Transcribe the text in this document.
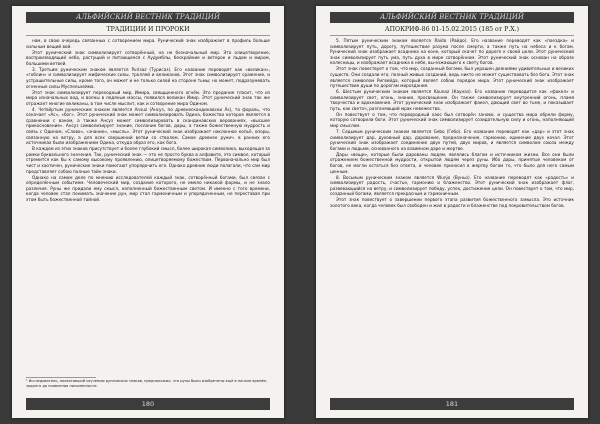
АЛЬФИЙСКИЙ ВЕСТНИК ТРАДИЦИЙ
ТРАДИЦИИ И ПРОРОКИ

нам, в свою очередь связанных с сотворением мира. Рунический знак изображает в профиль больше сильным вещий вой.

Этот рунический знак символизирует сотворённый, на не безначальный мир. Это олицетворение, воспроизводящий небо, растущий и питающееся с Аудумблы, бескрайние и ветерок и льдом и миром, большими ветвей.

3. Третьим руническим знаком является Purisaz (Турисаз). Его название переводят как «великан», «гоблин» и символизирует мифические силы, троллей и великанов. Этот знак символизирует сражение, и устрашительные силы, кроме того, он может и не только силой на стороне тьмы; но может, подразумевать огненные силы Муспельхейма.

Этот знак символизирует переходный мир, Имира, свящщенного огнём. Это предание гласит, что из мира изначальных вод, и волны в ледяные массы, появился великан Имир. Этот рунический знак так же отражает многие великаны, в том числе мыслит, как и сотворение мира Одином.

4. Четвёртым руническим знаком является Ansuz (Ансуз, по древнескандинавски Ás), та фораль, что означает «Ас», «бог». Этот рунический знак может символизировать Одина, божество которое является в сравнении с ваном, а также Ансуз может символизировать в скандинавских верованиях, «высшее прикосновение». Ансуз символизирует знание, послание богов, дары, а также божественную мудрость и связь с Одином, «Слово», «знание», «мысль». Этот рунический знак изображает наклонное копьё, опоры, связанную на ветру, а для всех свершений ветви со стволом. Самое древнее рунич. в ранних его источниках были изображением Одина, откуда образ его, как бога.

В каждом из этих знаков присутствует и более глубокий смысл, более широкая символика, выходящая за рамки буквального значения. Так, рунический знак — это не просто буква в алфавите, это символ, который стремится как бы к самому высокому проявлению, олицетворяемому божеством. Первоначально мир был чист и хаотичен, рунические знаки помогают упорядочить его. Однако древние люди полагали, что сам мир представляет собою полные тайн знаки.

Однако на самом деле по мнению исследователей каждый знак, сотворённый богами, был связан с определённым событием. Человеческий мир, создание которого, не имело никакой формы, и не знало различия. Руны же придали ему смысл, наполненный божественным светом. И именно с того времени, когда человек стал понимать значение рун, мир стал гармоничным и упорядоченным, не переставая при этом быть божественной тайной.

¹ Исследователь, посвятивший изучению рунических знаков, предположил, что руны были изобретены ещё в начале времён, задолго до появления письменности.
180
АЛЬФИЙСКИЙ ВЕСТНИК ТРАДИЦИЙ
АПОКРИФ-86 01-15.02.2015 (185 от Р.Х.)

5. Пятым руническим знаком является Raido (Райдо). Его название переводят как «поездка» и символизирует путь, дорогу, путешествие разума после смерти, а также путь на небеса и к богам. Рунический знак изображает всадника на коне, который скачет по дороге к своей цели. Этот рунический знак символизирует путь ума, путь духа в мире сотворённом. Этот рунический знак основан на образе колесницы, и изображает всадника в небе, вы-езжающего к свету богов.

Этот знак повествует о том, что мир, созданный богами, был украшен деяниями удивительных и великих существ. Они создали его, полный живых созданий, ведь никто не может существовать без бога. Этот знак является символом Ригвейда, который являет собою порядок мира. Этот рунический знак изображает путешествие души по дорогам мироздания.

6. Шестым руническим знаком является Kaunaz (Кауназ). Его название переводится как «факел» и символизирует свет, огонь, знание, просвещение. Он также символизирует внутренний огонь, пламя творчества и вдохновения. Этот рунический знак изображает факел, дающий свет во тьме, и показывает путь, как светоч, разгоняющий мрак невежества.

Он повествует о том, что первородный хаос был сотворён заново, и существа мира обрели форму, которую сотворили боги. Этот рунический знак символизирует созидательную силу и огонь, наполняющий мир смыслом.

7. Седьмым руническим знаком является Gebo (Гебо). Его название переводят как «дар» и этот знак символизирует дар, духовный дар, дарование, предназначение, гармонию, единение двух начал. Этот рунический знак изображает соединение двух путей, двух миров, и является символом союза между богами и людьми, основанного на взаимном даре и жертве.

Дары «вещи», которые были дарованы людям, являлись благом и источником жизни. Все они были отражением божественной мудрости, открытой людям через руны. Ибо дары, принятые человеком от богов, не могли остаться без ответа, и человек приносил в жертву богам то, что было для него самым ценным.

8. Восьмым руническим знаком является Wunjo (Вуньо). Его название переводят как «радость» и символизирует радость, счастье, гармонию и блаженство. Этот рунический знак изображает флаг, развевающийся на ветру, и символизирует победу, успех, достижение цели. Он повествует о том, что мир, созданный богами, является прекрасным и гармоничным.

Этот знак повествует о завершении первого этапа развития божественного замысла. Это источник золотого века, когда человек был свободен и жил в радости и блаженстве под покровительством богов.

181
